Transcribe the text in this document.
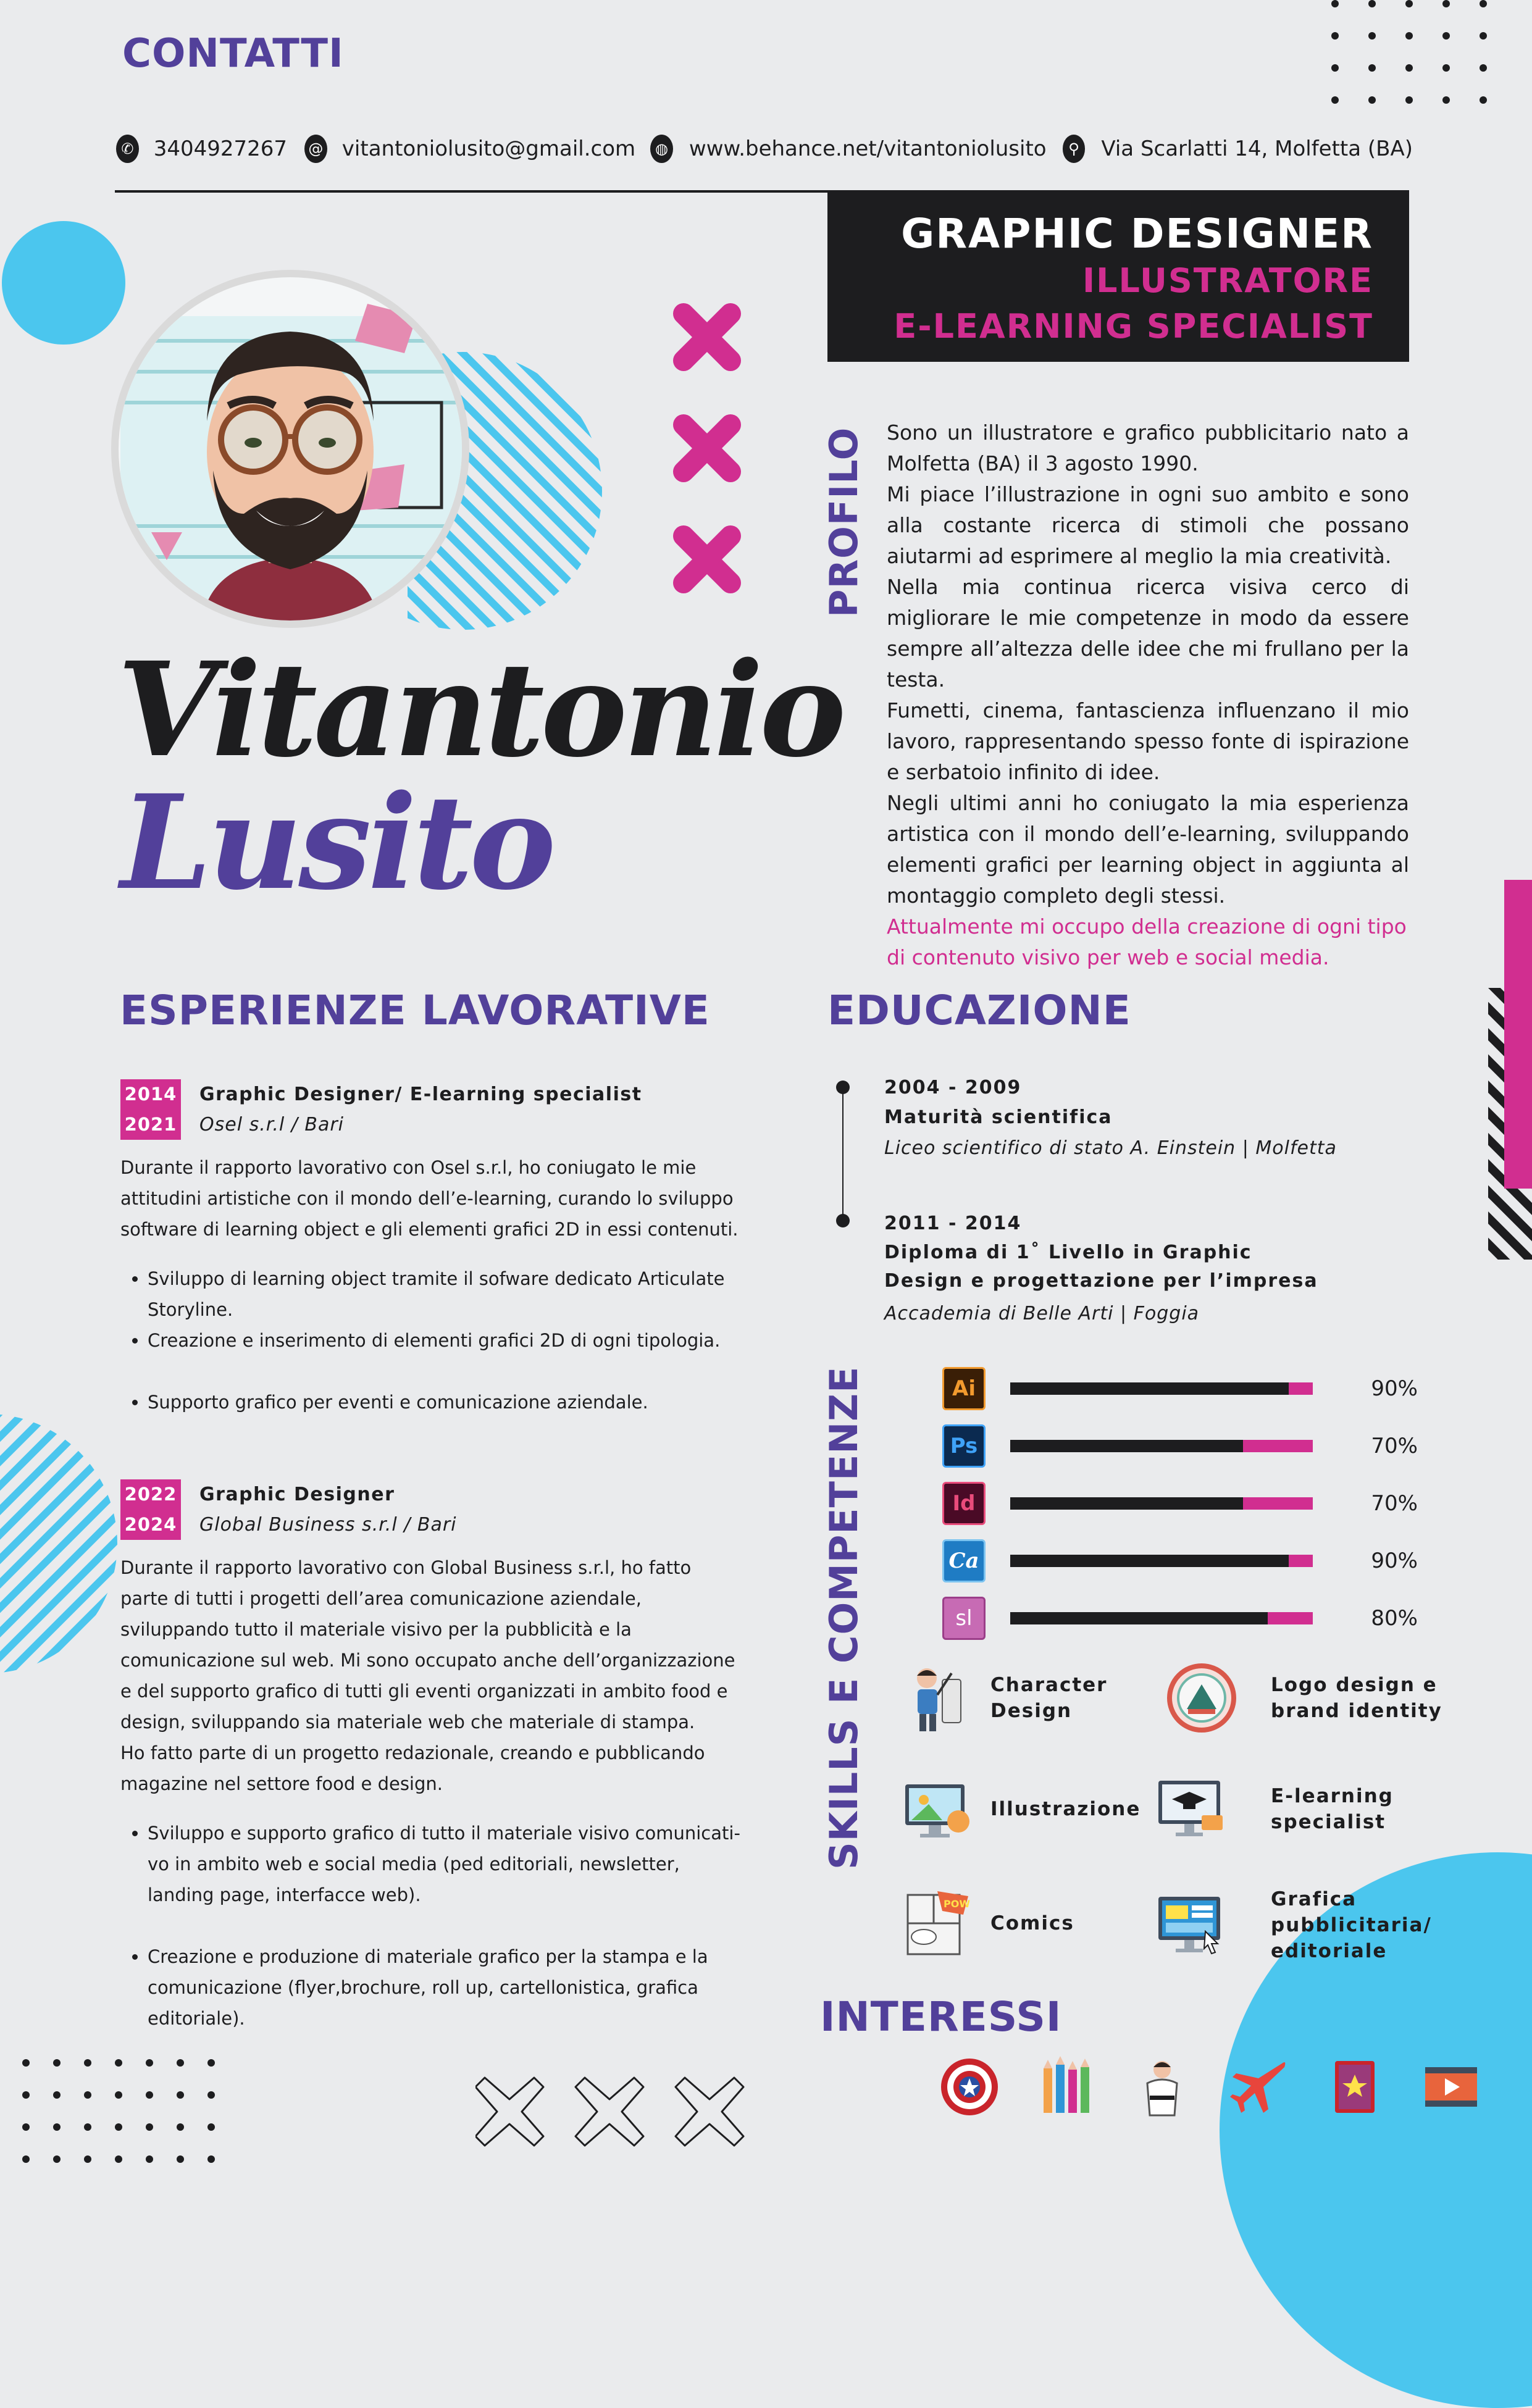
CONTATTI
✆ 3404927267 @ vitantoniolusito@gmail.com	◍ www.behance.net/vitantoniolusito	⚲ Via Scarlatti 14, Molfetta (BA)
GRAPHIC DESIGNER
ILLUSTRATORE
E-LEARNING SPECIALIST
Vitantonio
Lusito
PROFILO Sono un illustratore e grafico pubblicitario nato a Molfetta (BA) il 3 agosto 1990.

Mi piace l’illustrazione in ogni suo ambito e sono alla costante ricerca di stimoli che possano aiutarmi ad esprimere al meglio la mia creatività.

Nella mia continua ricerca visiva cerco di migliorare le mie competenze in modo da essere sempre all’altezza delle idee che mi frullano per la testa.

Fumetti, cinema, fantascienza influenzano il mio lavoro, rappresentando spesso fonte di ispirazione e serbatoio infinito di idee.

Negli ultimi anni ho coniugato la mia esperienza artistica con il mondo dell’e-learning, sviluppando elementi grafici per learning object in aggiunta al montaggio completo degli stessi.

Attualmente mi occupo della creazione di ogni tipo di contenuto visivo per web e social media.

ESPERIENZE LAVORATIVE
2014
2021
Graphic Designer/ E-learning specialist
Osel s.r.l / Bari
Durante il rapporto lavorativo con Osel s.r.l, ho coniugato le mie attitudini artistiche con il mondo dell’e-learning, curando lo sviluppo software di learning object e gli elementi grafici 2D in essi contenuti.
• Sviluppo di learning object tramite il sofware dedicato Articulate Storyline.
• Creazione e inserimento di elementi grafici 2D di ogni tipologia.
• Supporto grafico per eventi e comunicazione aziendale.
2022
2024
Graphic Designer
Global Business s.r.l / Bari
Durante il rapporto lavorativo con Global Business s.r.l, ho fatto parte di tutti i progetti dell’area comunicazione aziendale, sviluppando tutto il materiale visivo per la pubblicità e la comunicazione sul web. Mi sono occupato anche dell’organizzazione e del supporto grafico di tutti gli eventi organizzati in ambito food e design, sviluppando sia materiale web che materiale di stampa.
Ho fatto parte di un progetto redazionale, creando e pubblicando magazine nel settore food e design.
• Sviluppo e supporto grafico di tutto il materiale visivo comunicati-vo in ambito web e social media (ped editoriali, newsletter, landing page, interfacce web).
• Creazione e produzione di materiale grafico per la stampa e la comunicazione (flyer,brochure, roll up, cartellonistica, grafica editoriale).
EDUCAZIONE
2004 - 2009
Maturità scientifica
Liceo scientifico di stato A. Einstein | Molfetta
2011 - 2014
Diploma di 1˚ Livello in Graphic Design e progettazione per l’impresa
Accademia di Belle Arti | Foggia
SKILLS E COMPETENZE	Ai	90%
Ps	70%
Id	70%
Ca	90%
sl	80%
Character Design
Logo design e brand identity
Illustrazione
E-learning specialist
POW
Comics
Grafica pubblicitaria/ editoriale
INTERESSI
